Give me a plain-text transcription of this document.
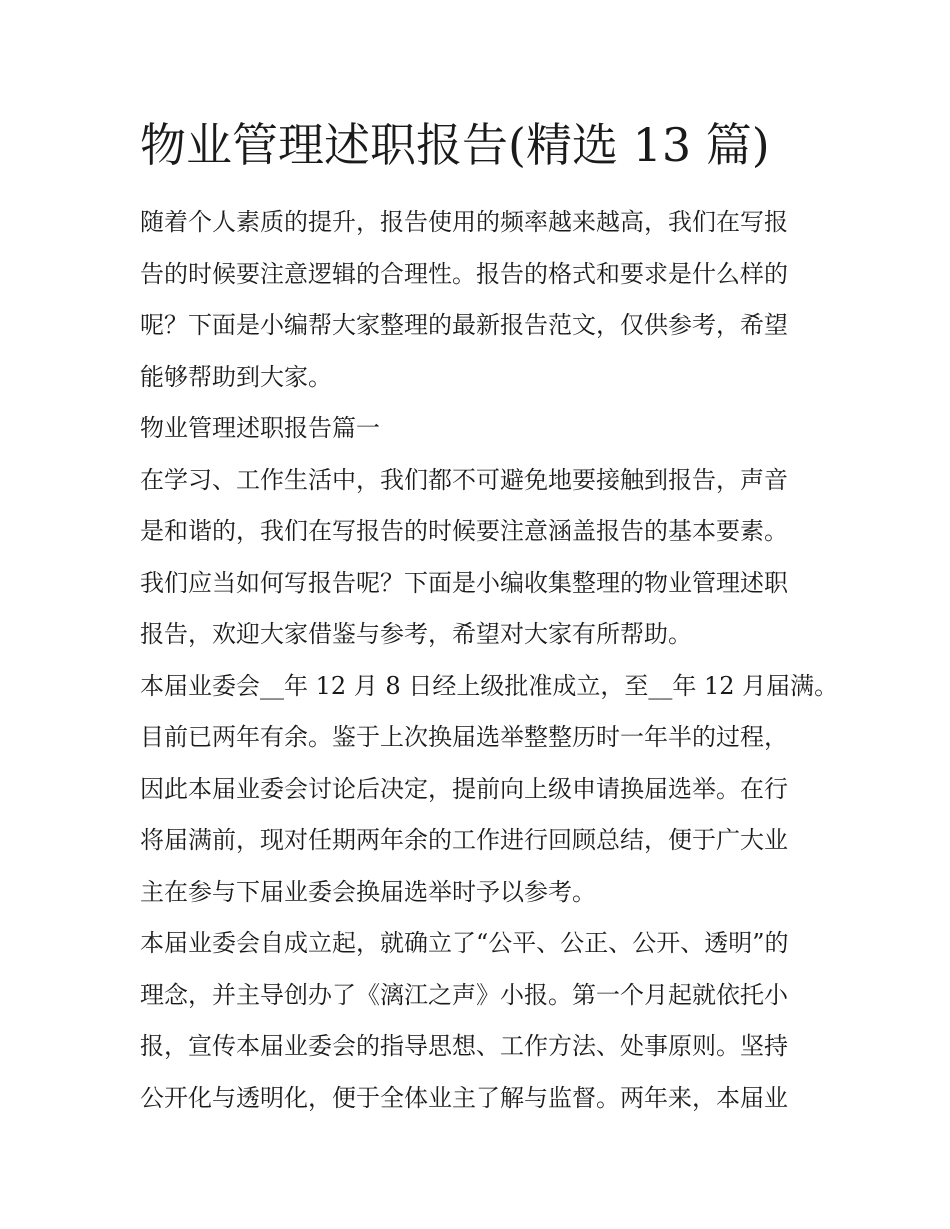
物业管理述职报告(精选 13 篇)
随着个人素质的提升，报告使用的频率越来越高，我们在写报
告的时候要注意逻辑的合理性。报告的格式和要求是什么样的
呢？下面是小编帮大家整理的最新报告范文，仅供参考，希望
能够帮助到大家。
物业管理述职报告篇一
在学习、工作生活中，我们都不可避免地要接触到报告，声音
是和谐的，我们在写报告的时候要注意涵盖报告的基本要素。
我们应当如何写报告呢？下面是小编收集整理的物业管理述职
报告，欢迎大家借鉴与参考，希望对大家有所帮助。
本届业委会__年 12 月 8 日经上级批准成立，至__年 12 月届满。
目前已两年有余。鉴于上次换届选举整整历时一年半的过程，
因此本届业委会讨论后决定，提前向上级申请换届选举。在行
将届满前，现对任期两年余的工作进行回顾总结，便于广大业
主在参与下届业委会换届选举时予以参考。
本届业委会自成立起，就确立了“公平、公正、公开、透明”的
理念，并主导创办了《漓江之声》小报。第一个月起就依托小
报，宣传本届业委会的指导思想、工作方法、处事原则。坚持
公开化与透明化，便于全体业主了解与监督。两年来，本届业
